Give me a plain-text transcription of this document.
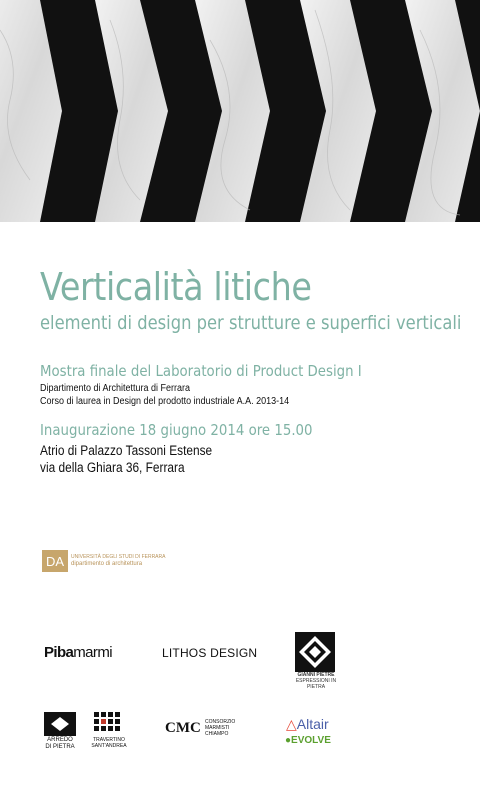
Verticalità litiche
elementi di design per strutture e superfici verticali
Mostra finale del Laboratorio di Product Design I
Dipartimento di Architettura di Ferrara
Corso di laurea in Design del prodotto industriale A.A. 2013-14
Inaugurazione 18 giugno 2014 ore 15.00
Atrio di Palazzo Tassoni Estense
via della Ghiara 36, Ferrara
DA	UNIVERSITÀ DEGLI STUDI DI FERRARA
dipartimento di architettura
Pibamarmi	LITHOS DESIGN
GIANNI PIETRE
ESPRESSIONI IN PIETRA
ARREDO
DI PIETRA
TRAVERTINO
SANT'ANDREA
CMC CONSORZIO
MARMISTI
CHIAMPO
△Altair
●EVOLVE
